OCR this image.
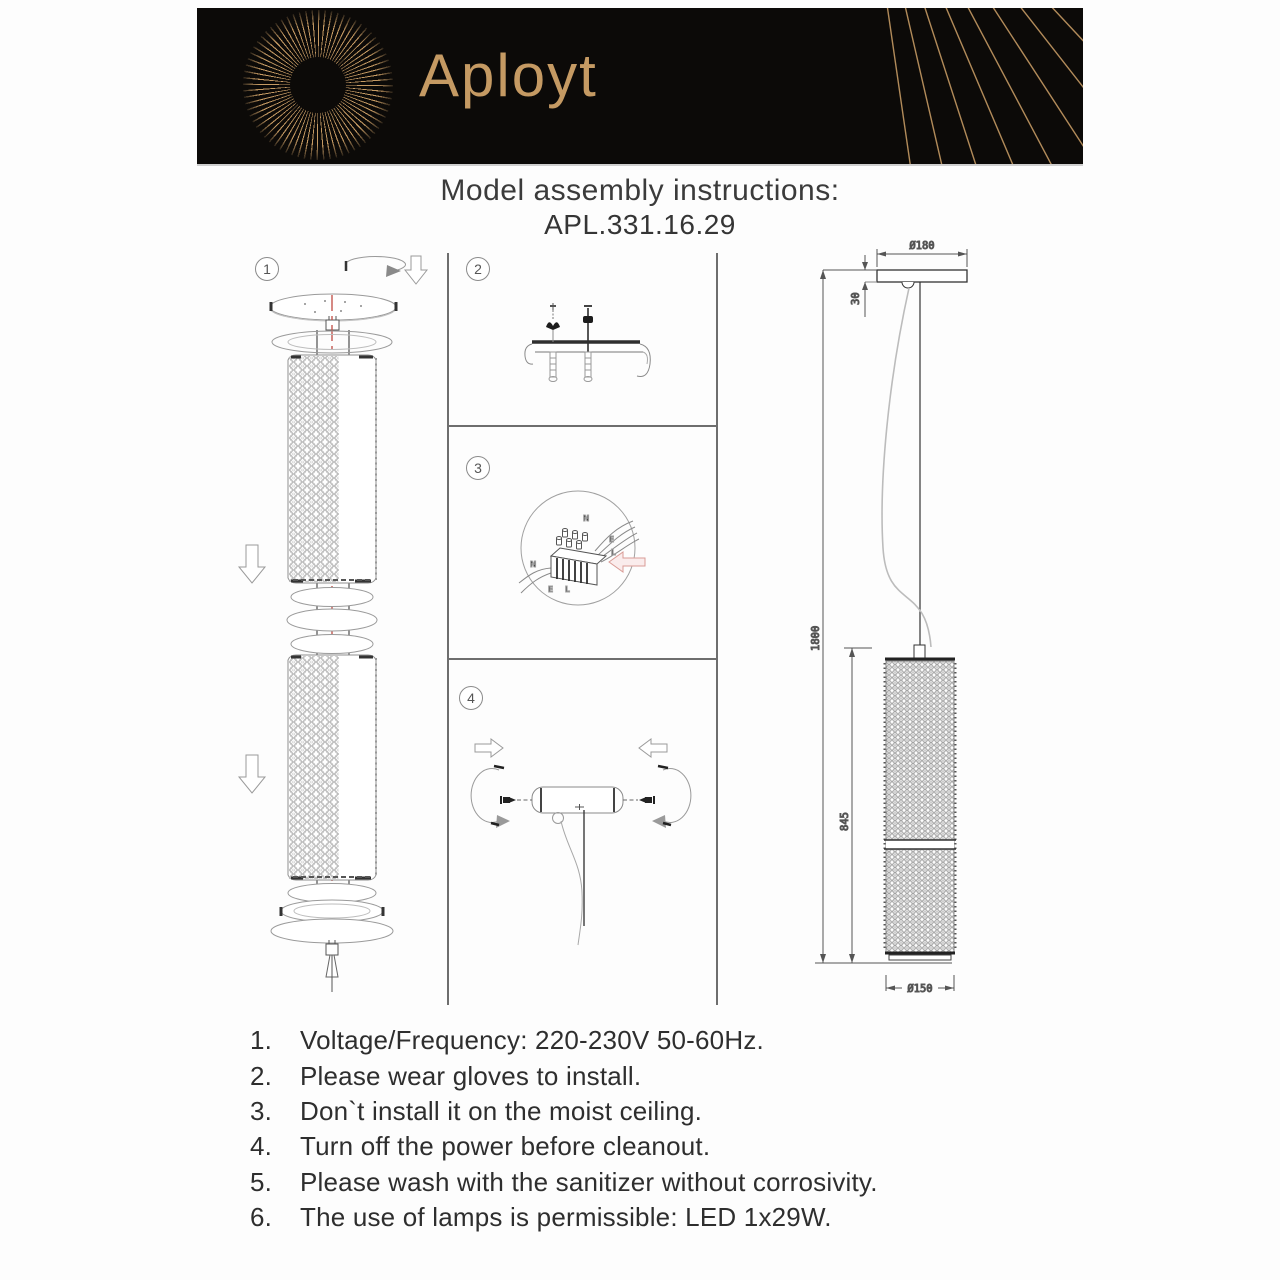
Aployt
Model assembly instructions:
APL.331.16.29
1	2
3
4
N
E
L
N
E L
Ø180
30
1800
845
Ø150
1.	Voltage/Frequency: 220-230V 50-60Hz.
2.	Please wear gloves to install.
3.	Don`t install it on the moist ceiling.
4.	Turn off the power before cleanout.
5.	Please wash with the sanitizer without corrosivity.
6.	The use of lamps is permissible: LED 1x29W.
